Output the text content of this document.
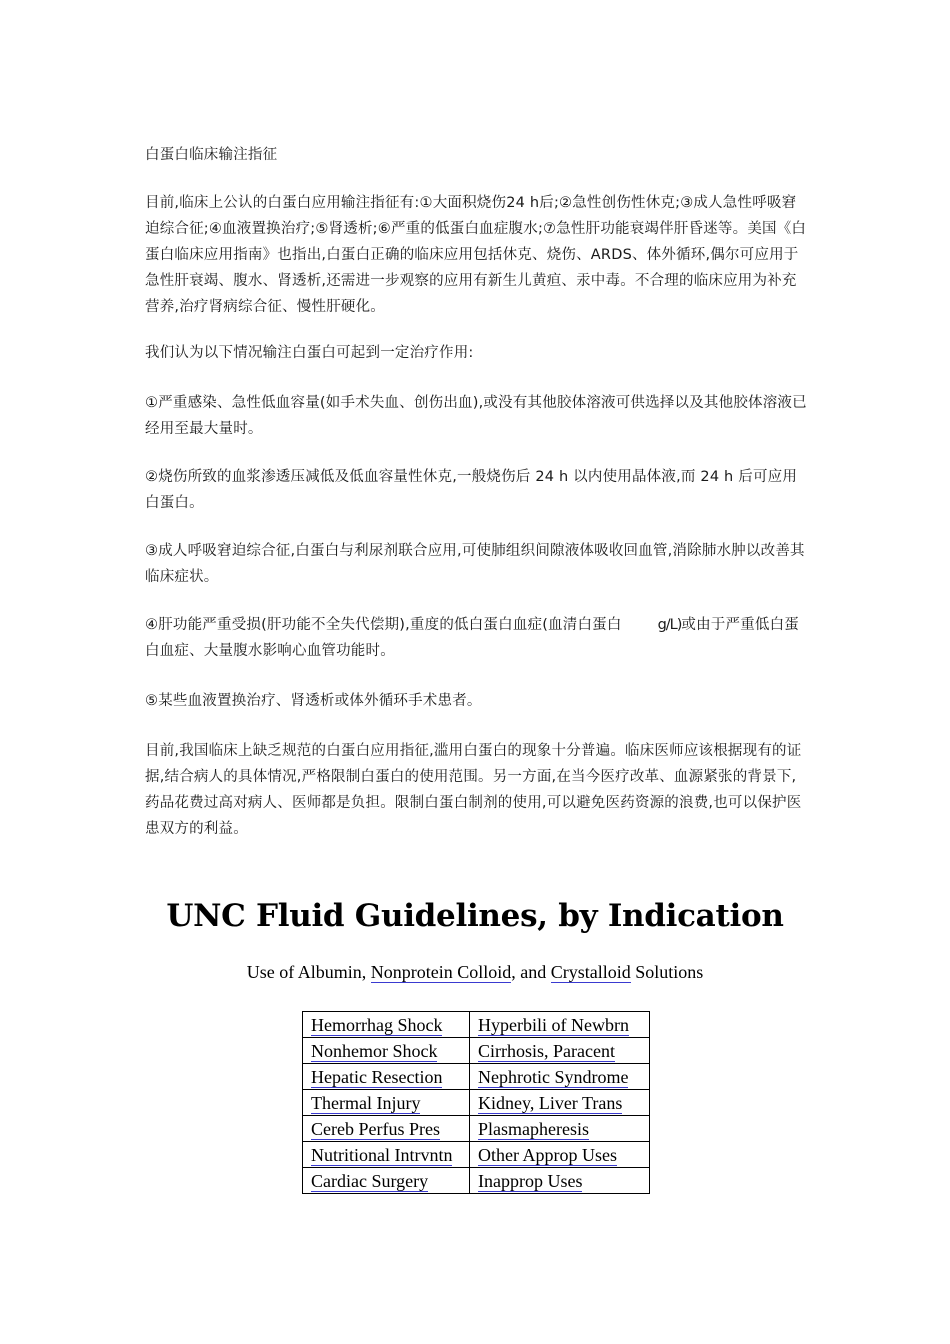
白蛋白临床输注指征

目前,临床上公认的白蛋白应用输注指征有:①大面积烧伤24 h后;②急性创伤性休克;③成人急性呼吸窘迫综合征;④血液置换治疗;⑤肾透析;⑥严重的低蛋白血症腹水;⑦急性肝功能衰竭伴肝昏迷等。美国《白蛋白临床应用指南》也指出,白蛋白正确的临床应用包括休克、烧伤、ARDS、体外循环,偶尔可应用于急性肝衰竭、腹水、肾透析,还需进一步观察的应用有新生儿黄疸、汞中毒。不合理的临床应用为补充营养,治疗肾病综合征、慢性肝硬化。

我们认为以下情况输注白蛋白可起到一定治疗作用:

①严重感染、急性低血容量(如手术失血、创伤出血),或没有其他胶体溶液可供选择以及其他胶体溶液已经用至最大量时。

②烧伤所致的血浆渗透压减低及低血容量性休克,一般烧伤后 24 h 以内使用晶体液,而 24 h 后可应用白蛋白。

③成人呼吸窘迫综合征,白蛋白与利尿剂联合应用,可使肺组织间隙液体吸收回血管,消除肺水肿以改善其临床症状。

④肝功能严重受损(肝功能不全失代偿期),重度的低白蛋白血症(血清白蛋白 g/L)或由于严重低白蛋白血症、大量腹水影响心血管功能时。

⑤某些血液置换治疗、肾透析或体外循环手术患者。

目前,我国临床上缺乏规范的白蛋白应用指征,滥用白蛋白的现象十分普遍。临床医师应该根据现有的证据,结合病人的具体情况,严格限制白蛋白的使用范围。另一方面,在当今医疗改革、血源紧张的背景下,药品花费过高对病人、医师都是负担。限制白蛋白制剂的使用,可以避免医药资源的浪费,也可以保护医患双方的利益。

UNC Fluid Guidelines, by Indication

Use of Albumin, Nonprotein Colloid, and Crystalloid Solutions

Hemorrhag Shock	Hyperbili of Newbrn
Nonhemor Shock	Cirrhosis, Paracent
Hepatic Resection	Nephrotic Syndrome
Thermal Injury	Kidney, Liver Trans
Cereb Perfus Pres	Plasmapheresis
Nutritional Intrvntn	Other Approp Uses
Cardiac Surgery	Inapprop Uses
